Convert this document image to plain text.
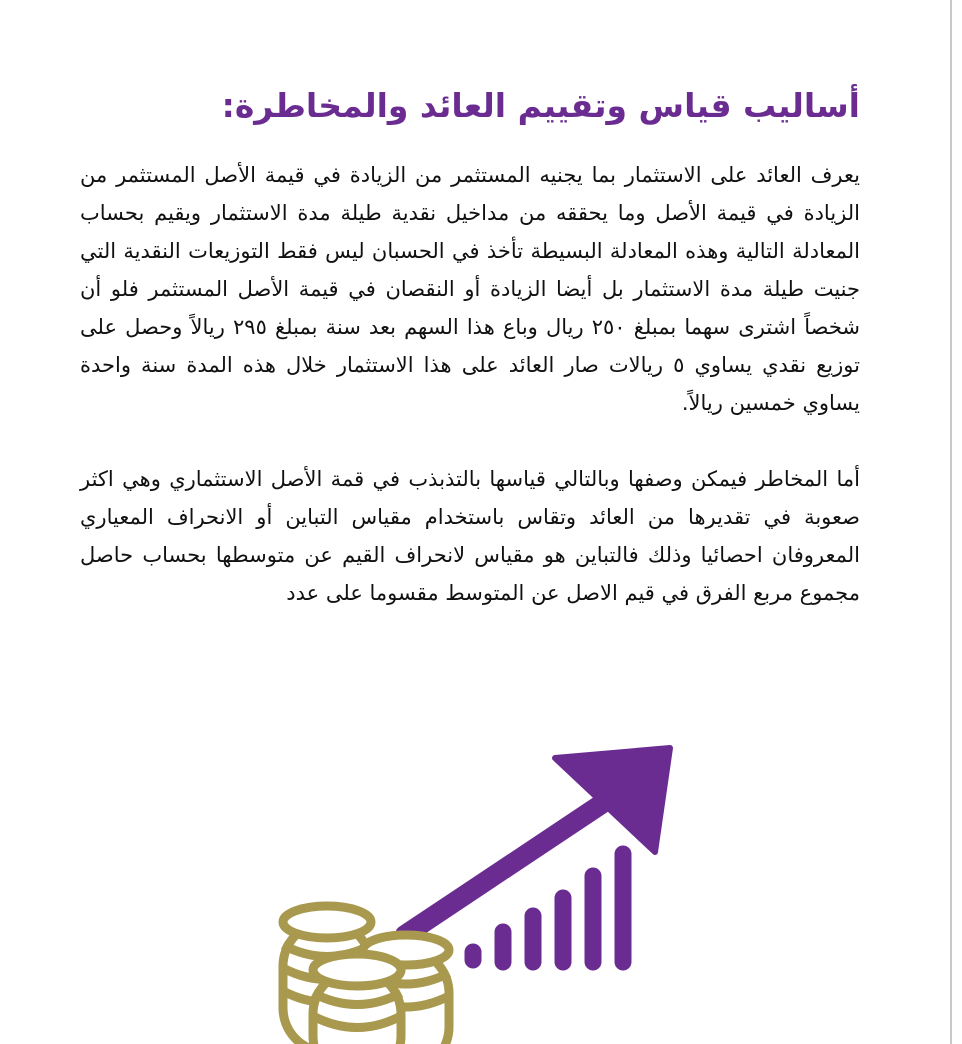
أساليب قياس وتقييم العائد والمخاطرة:

يعرف العائد على الاستثمار بما يجنيه المستثمر من الزيادة في قيمة الأصل المستثمر من الزيادة في قيمة الأصل وما يحققه من مداخيل نقدية طيلة مدة الاستثمار ويقيم بحساب المعادلة التالية وهذه المعادلة البسيطة تأخذ في الحسبان ليس فقط التوزيعات النقدية التي جنيت طيلة مدة الاستثمار بل أيضا الزيادة أو النقصان في قيمة الأصل المستثمر فلو أن شخصاً اشترى سهما بمبلغ ٢٥٠ ريال وباع هذا السهم بعد سنة بمبلغ ٢٩٥ ريالاً وحصل على توزيع نقدي يساوي ٥ ريالات صار العائد على هذا الاستثمار خلال هذه المدة سنة واحدة يساوي خمسين ريالاً.

أما المخاطر فيمكن وصفها وبالتالي قياسها بالتذبذب في قمة الأصل الاستثماري وهي اكثر صعوبة في تقديرها من العائد وتقاس باستخدام مقياس التباين أو الانحراف المعياري المعروفان احصائيا وذلك فالتباين هو مقياس لانحراف القيم عن متوسطها بحساب حاصل مجموع مربع الفرق في قيم الاصل عن المتوسط مقسوما على عدد
